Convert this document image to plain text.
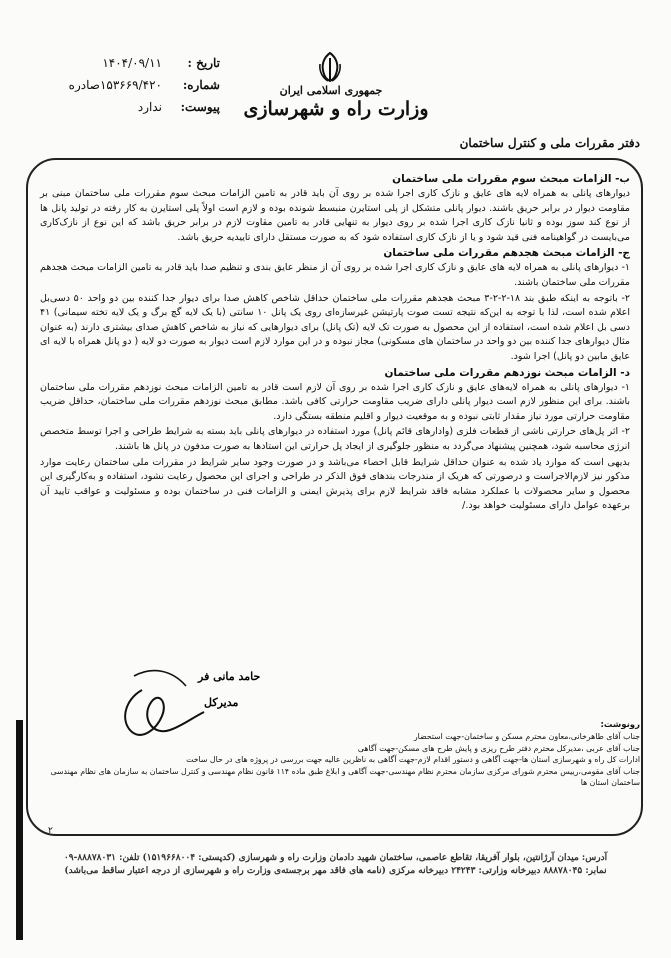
تاریخ :
۱۴۰۴/۰۹/۱۱
شماره:
۱۵۳۶۶۹/۴۲۰صادره
پیوست:
ندارد
جمهوری اسلامی ایران
وزارت راه و شهرسازی
دفتر مقررات ملی و کنترل ساختمان
ب- الزامات مبحث سوم مقررات ملی ساختمان

دیوارهای پانلی به همراه لایه های عایق و نازک کاری اجرا شده بر روی آن باید قادر به تامین الزامات مبحث سوم مقررات ملی ساختمان مبنی بر مقاومت دیوار در برابر حریق باشند. دیوار پانلی متشکل از پلی استایرن منبسط شونده بوده و لازم است اولاً پلی استایرن به کار رفته در تولید پانل ها از نوع کند سوز بوده و ثانیا نازک کاری اجرا شده بر روی دیوار به تنهایی قادر به تامین مقاوت لازم در برابر حریق باشد که این نوع از نازک‌کاری می‌بایست در گواهینامه فنی قید شود و یا از نازک کاری استفاده شود که به صورت مستقل دارای تاییدیه حریق باشد.

ج- الزامات مبحث هجدهم مقررات ملی ساختمان

۱- دیوارهای پانلی به همراه لایه های عایق و نازک کاری اجرا شده بر روی آن از منظر عایق بندی و تنظیم صدا باید قادر به تامین الزامات مبحث هجدهم مقررات ملی ساختمان باشند.

۲- باتوجه به اینکه طبق بند ۱۸-۲-۲-۳ مبحث هجدهم مقررات ملی ساختمان حداقل شاخص کاهش صدا برای دیوار جدا کننده بین دو واحد ۵۰ دسی‌بل اعلام شده است، لذا با توجه به این‌که نتیجه تست صوت پارتیشن غیرسازه‌ای روی یک پانل ۱۰ سانتی (با یک لایه گچ برگ و یک لایه تخته سیمانی) ۴۱ دسی بل اعلام شده است، استفاده از این محصول به صورت تک لایه (تک پانل) برای دیوارهایی که نیاز به شاخص کاهش صدای بیشتری دارند (به عنوان مثال دیوارهای جدا کننده بین دو واحد در ساختمان های مسکونی) مجاز نبوده و در این موارد لازم است دیوار به صورت دو لایه ( دو پانل همراه با لایه ای عایق مابین دو پانل) اجرا شود.

د- الزامات مبحث نوزدهم مقررات ملی ساختمان

۱- دیوارهای پانلی به همراه لایه‌های عایق و نازک کاری اجرا شده بر روی آن لازم است قادر به تامین الزامات مبحث نوزدهم مقررات ملی ساختمان باشند. برای این منظور لازم است دیوار پانلی دارای ضریب مقاومت حرارتی کافی باشد. مطابق مبحث نوزدهم مقررات ملی ساختمان، حداقل ضریب مقاومت حرارتی مورد نیاز مقدار ثابتی نبوده و به موقعیت دیوار و اقلیم منطقه بستگی دارد.

۲- اثر پل‌های حرارتی ناشی از قطعات فلزی (وادارهای قائم پانل) مورد استفاده در دیوارهای پانلی باید بسته به شرایط طراحی و اجرا توسط متخصص انرژی محاسبه شود، همچنین پیشنهاد می‌گردد به منظور جلوگیری از ایجاد پل حرارتی این استادها به صورت مدفون در پانل ها باشند.

بدیهی است که موارد یاد شده به عنوان حداقل شرایط قابل احصاء می‌باشد و در صورت وجود سایر شرایط در مقررات ملی ساختمان رعایت موارد مذکور نیز لازم‌الاجراست و درصورتی که هریک از مندرجات بندهای فوق الذکر در طراحی و اجرای این محصول رعایت نشود، استفاده و به‌کارگیری این محصول و سایر محصولات با عملکرد مشابه فاقد شرایط لازم برای پذیرش ایمنی و الزامات فنی در ساختمان بوده و مسئولیت و عواقب تایید آن برعهده عوامل دارای مسئولیت خواهد بود./

حامد مانی فر
مدیرکل
رونوشت:
جناب آقای طاهرخانی،معاون محترم مسکن و ساختمان-جهت استحضار
جناب آقای عربی ،مدیرکل محترم دفتر طرح ریزی و پایش طرح های مسکن-جهت آگاهی
ادارات کل راه و شهرسازی استان ها-جهت آگاهی و دستور اقدام لازم-جهت آگاهی به ناظرین عالیه جهت بررسی در پروژه های در حال ساخت
جناب آقای مقومی،رییس محترم شورای مرکزی سازمان محترم نظام مهندسی-جهت آگاهی و ابلاغ طبق ماده ۱۱۴ قانون نظام مهندسی و کنترل ساختمان به سازمان های نظام مهندسی ساختمان استان ها
۲
آدرس: میدان آرژانتین، بلوار آفریقا، تقاطع عاصمی، ساختمان شهید دادمان وزارت راه و شهرسازی (کدپستی: ۱۵۱۹۶۶۸۰۰۴) تلفن: ۸۸۸۷۸۰۳۱-۰۹
نمابر: ۸۸۸۷۸۰۴۵ دبیرخانه وزارتی: ۲۴۲۴۳ دبیرخانه مرکزی (نامه های فاقد مهر برجسته‌ی وزارت راه و شهرسازی از درجه اعتبار ساقط می‌باشد)
